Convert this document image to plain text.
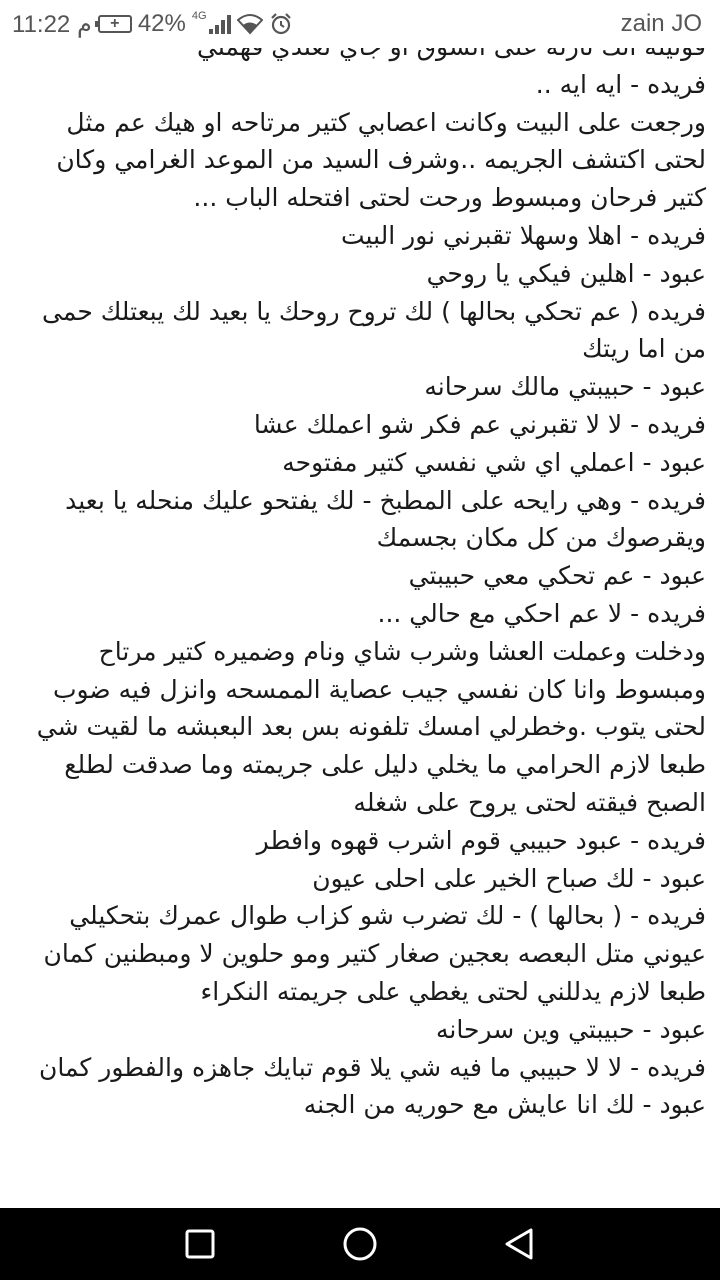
فريده - ايه ايه ..

ورجعت على البيت وكانت اعصابي كتير مرتاحه او هيك عم مثل لحتى اكتشف الجريمه ..وشرف السيد من الموعد الغرامي وكان كتير فرحان ومبسوط ورحت لحتى افتحله الباب ...

فريده - اهلا وسهلا تقبرني نور البيت

عبود - اهلين فيكي يا روحي

فريده ( عم تحكي بحالها ) لك تروح روحك يا بعيد لك يبعتلك حمى من اما ريتك

عبود - حبيبتي مالك سرحانه

فريده - لا لا تقبرني عم فكر شو اعملك عشا

عبود - اعملي اي شي نفسي كتير مفتوحه

فريده - وهي رايحه على المطبخ - لك يفتحو عليك منحله يا بعيد ويقرصوك من كل مكان بجسمك

عبود - عم تحكي معي حبيبتي

فريده - لا عم احكي مع حالي ...

ودخلت وعملت العشا وشرب شاي ونام وضميره كتير مرتاح ومبسوط وانا كان نفسي جيب عصاية الممسحه وانزل فيه ضوب لحتى يتوب .وخطرلي امسك تلفونه بس بعد البعبشه ما لقيت شي طبعا لازم الحرامي ما يخلي دليل على جريمته وما صدقت لطلع الصبح فيقته لحتى يروح على شغله

فريده - عبود حبيبي قوم اشرب قهوه وافطر

عبود - لك صباح الخير على احلى عيون

فريده - ( بحالها ) - لك تضرب شو كزاب طوال عمرك بتحكيلي عيوني متل البعصه بعجين صغار كتير ومو حلوين لا ومبطنين كمان طبعا لازم يدللني لحتى يغطي على جريمته النكراء

عبود - حبيبتي وين سرحانه

فريده - لا لا حبيبي ما فيه شي يلا قوم تبايك جاهزه والفطور كمان

عبود - لك انا عايش مع حوريه من الجنه

11:22 م	+ 42% 4G	zain JO
